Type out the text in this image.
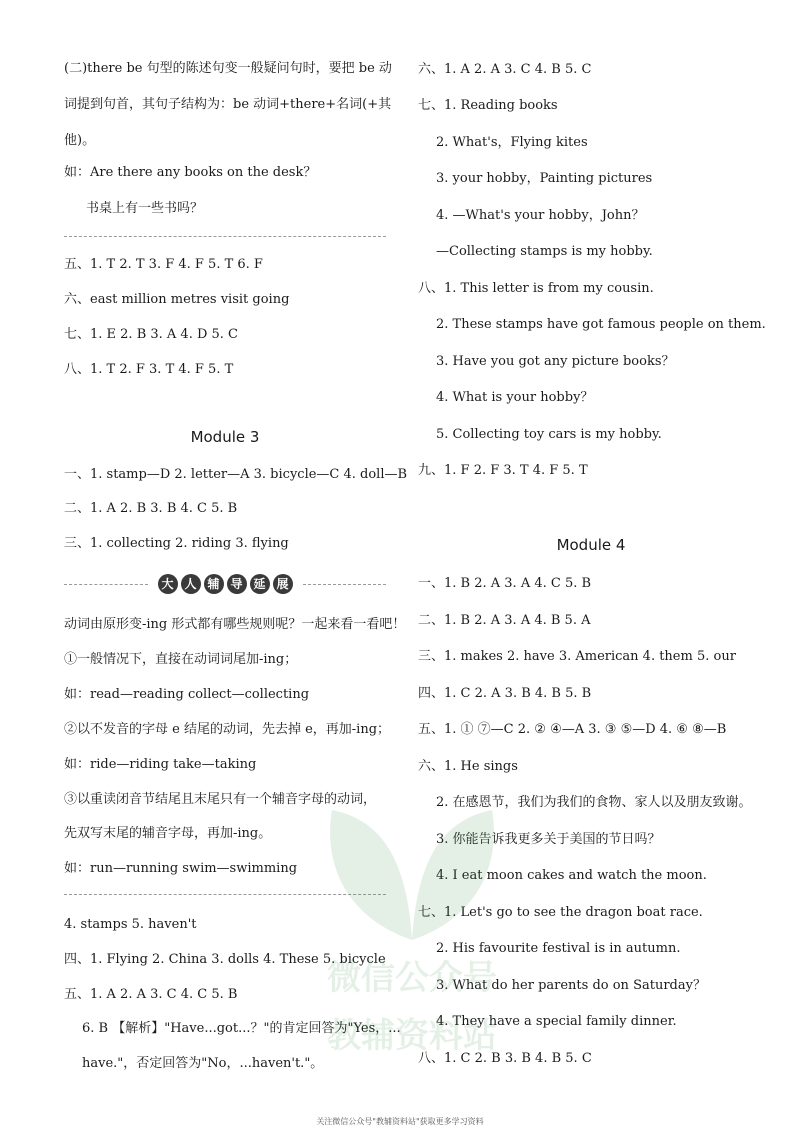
(二)there be 句型的陈述句变一般疑问句时，要把 be 动
词提到句首，其句子结构为：be 动词+there+名词(+其
他)。
如：Are there any books on the desk？
书桌上有一些书吗？
五、1. T 2. T 3. F 4. F 5. T 6. F
六、east million metres visit going
七、1. E 2. B 3. A 4. D 5. C
八、1. T 2. F 3. T 4. F 5. T
Module 3
一、1. stamp—D 2. letter—A 3. bicycle—C 4. doll—B
二、1. A 2. B 3. B 4. C 5. B
三、1. collecting 2. riding 3. flying
大 人 辅 导 延 展
动词由原形变-ing 形式都有哪些规则呢？一起来看一看吧！
①一般情况下，直接在动词词尾加-ing；
如：read—reading collect—collecting
②以不发音的字母 e 结尾的动词，先去掉 e，再加-ing；
如：ride—riding take—taking
③以重读闭音节结尾且末尾只有一个辅音字母的动词，
先双写末尾的辅音字母，再加-ing。
如：run—running swim—swimming
4. stamps 5. haven't
四、1. Flying 2. China 3. dolls 4. These 5. bicycle
五、1. A 2. A 3. C 4. C 5. B
6. B 【解析】"Have...got...？"的肯定回答为"Yes，...
have."，否定回答为"No，...haven't."。
六、1. A 2. A 3. C 4. B 5. C
七、1. Reading books
2. What's，Flying kites
3. your hobby，Painting pictures
4. —What's your hobby，John？
—Collecting stamps is my hobby.
八、1. This letter is from my cousin.
2. These stamps have got famous people on them.
3. Have you got any picture books？
4. What is your hobby？
5. Collecting toy cars is my hobby.
九、1. F 2. F 3. T 4. F 5. T
Module 4
一、1. B 2. A 3. A 4. C 5. B
二、1. B 2. A 3. A 4. B 5. A
三、1. makes 2. have 3. American 4. them 5. our
四、1. C 2. A 3. B 4. B 5. B
五、1. ① ⑦—C 2. ② ④—A 3. ③ ⑤—D 4. ⑥ ⑧—B
六、1. He sings
2. 在感恩节，我们为我们的食物、家人以及朋友致谢。
3. 你能告诉我更多关于美国的节日吗？
4. I eat moon cakes and watch the moon.
七、1. Let's go to see the dragon boat race.
2. His favourite festival is in autumn.
3. What do her parents do on Saturday？
4. They have a special family dinner.
八、1. C 2. B 3. B 4. B 5. C
微信公众号
教辅资料站
关注微信公众号"教辅资料站"获取更多学习资料
